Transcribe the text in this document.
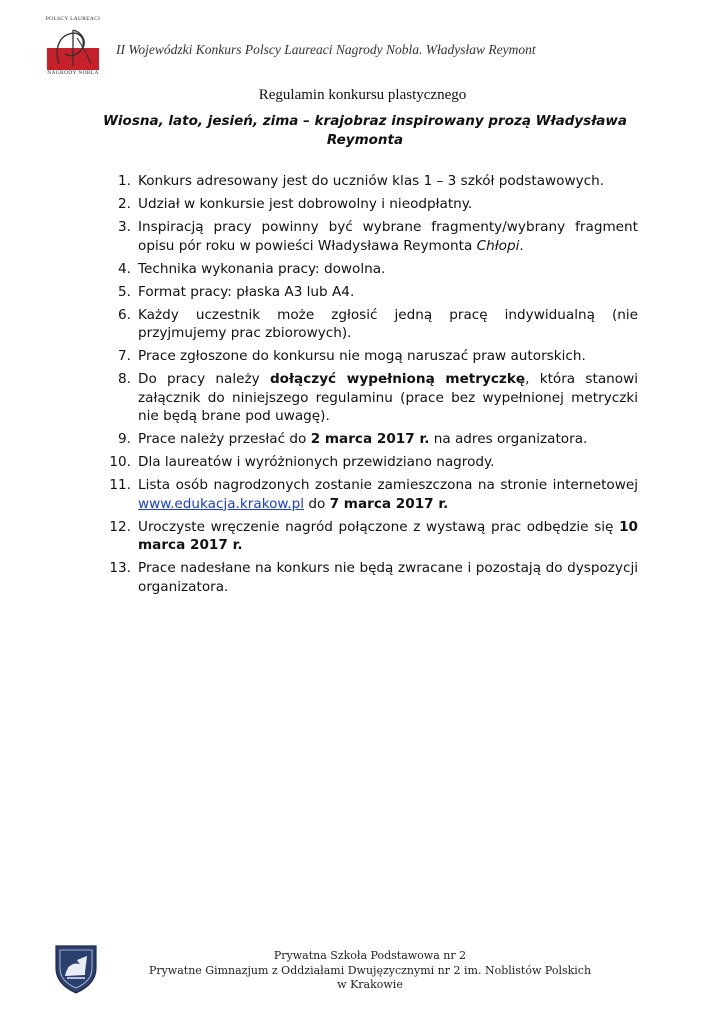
POLSCY LAUREACI
NAGRODY NOBLA
II Wojewódzki Konkurs Polscy Laureaci Nagrody Nobla. Władysław Reymont
Regulamin konkursu plastycznego
Wiosna, lato, jesień, zima – krajobraz inspirowany prozą Władysława Reymonta
1. Konkurs adresowany jest do uczniów klas 1 – 3 szkół podstawowych.
2. Udział w konkursie jest dobrowolny i nieodpłatny.
3. Inspiracją pracy powinny być wybrane fragmenty/wybrany fragment opisu pór roku w powieści Władysława Reymonta Chłopi.
4. Technika wykonania pracy: dowolna.
5. Format pracy: płaska A3 lub A4.
6. Każdy uczestnik może zgłosić jedną pracę indywidualną (nie przyjmujemy prac zbiorowych).
7. Prace zgłoszone do konkursu nie mogą naruszać praw autorskich.
8. Do pracy należy dołączyć wypełnioną metryczkę, która stanowi załącznik do niniejszego regulaminu (prace bez wypełnionej metryczki nie będą brane pod uwagę).
9. Prace należy przesłać do 2 marca 2017 r. na adres organizatora.
10. Dla laureatów i wyróżnionych przewidziano nagrody.
11. Lista osób nagrodzonych zostanie zamieszczona na stronie internetowej www.edukacja.krakow.pl do 7 marca 2017 r.
12. Uroczyste wręczenie nagród połączone z wystawą prac odbędzie się 10 marca 2017 r.
13. Prace nadesłane na konkurs nie będą zwracane i pozostają do dyspozycji organizatora.
Prywatna Szkoła Podstawowa nr 2
Prywatne Gimnazjum z Oddziałami Dwujęzycznymi nr 2 im. Noblistów Polskich
w Krakowie
